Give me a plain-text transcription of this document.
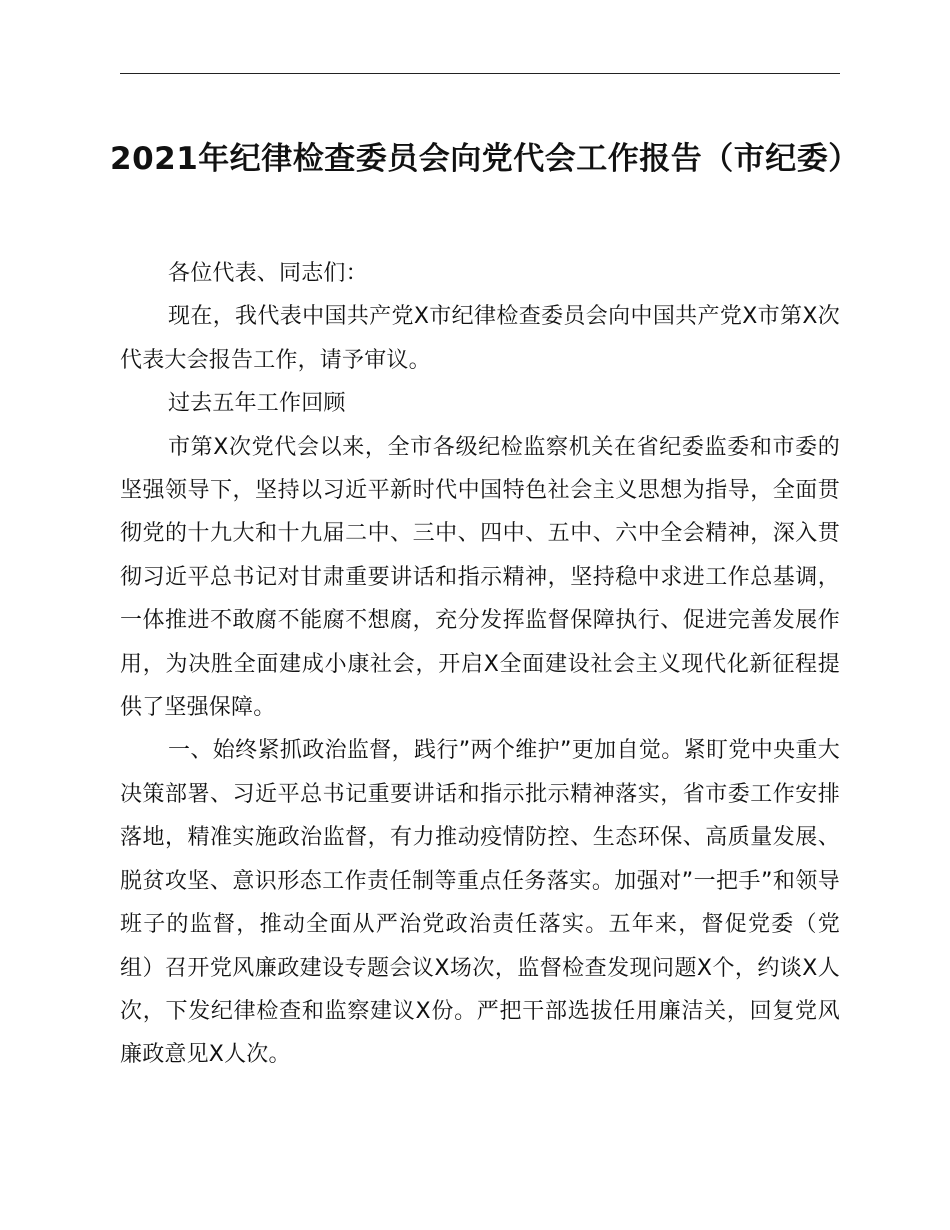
2021年纪律检查委员会向党代会工作报告（市纪委）

各位代表、同志们：

现在，我代表中国共产党X市纪律检查委员会向中国共产党X市第X次代表大会报告工作，请予审议。

过去五年工作回顾

市第X次党代会以来，全市各级纪检监察机关在省纪委监委和市委的坚强领导下，坚持以习近平新时代中国特色社会主义思想为指导，全面贯彻党的十九大和十九届二中、三中、四中、五中、六中全会精神，深入贯彻习近平总书记对甘肃重要讲话和指示精神，坚持稳中求进工作总基调，一体推进不敢腐不能腐不想腐，充分发挥监督保障执行、促进完善发展作用，为决胜全面建成小康社会，开启X全面建设社会主义现代化新征程提供了坚强保障。

一、始终紧抓政治监督，践行”两个维护”更加自觉。紧盯党中央重大决策部署、习近平总书记重要讲话和指示批示精神落实，省市委工作安排落地，精准实施政治监督，有力推动疫情防控、生态环保、高质量发展、脱贫攻坚、意识形态工作责任制等重点任务落实。加强对”一把手”和领导班子的监督，推动全面从严治党政治责任落实。五年来，督促党委（党组）召开党风廉政建设专题会议X场次，监督检查发现问题X个，约谈X人次，下发纪律检查和监察建议X份。严把干部选拔任用廉洁关，回复党风廉政意见X人次。
